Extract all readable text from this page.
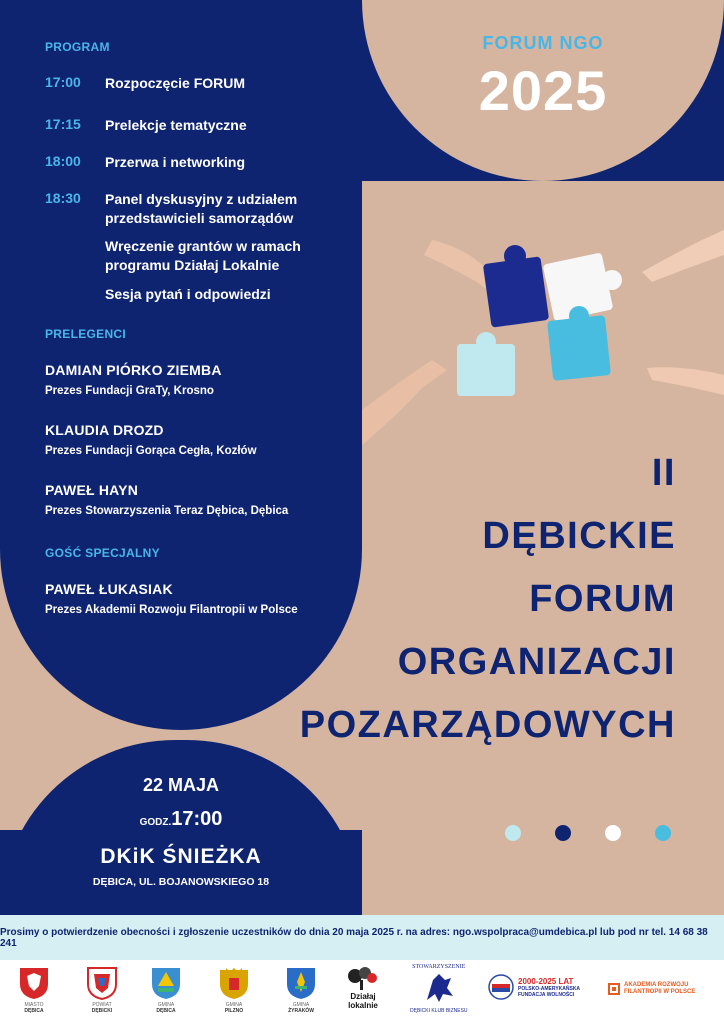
PROGRAM
17:00	Rozpoczęcie FORUM
17:15	Prelekcje tematyczne
18:00	Przerwa i networking
18:30	Panel dyskusyjny z udziałem
przedstawicieli samorządów
Wręczenie grantów w ramach
programu Działaj Lokalnie
Sesja pytań i odpowiedzi
PRELEGENCI
DAMIAN PIÓRKO ZIEMBA
Prezes Fundacji GraTy, Krosno
KLAUDIA DROZD
Prezes Fundacji Gorąca Cegła, Kozłów
PAWEŁ HAYN
Prezes Stowarzyszenia Teraz Dębica, Dębica
GOŚĆ SPECJALNY
PAWEŁ ŁUKASIAK
Prezes Akademii Rozwoju Filantropii w Polsce
FORUM NGO
2025
II
DĘBICKIE
FORUM
ORGANIZACJI
POZARZĄDOWYCH
22 MAJA
GODZ.17:00
DKiK ŚNIEŻKA
DĘBICA, UL. BOJANOWSKIEGO 18
Prosimy o potwierdzenie obecności i zgłoszenie uczestników do dnia 20 maja 2025 r. na adres: ngo.wspolpraca@umdebica.pl lub pod nr tel. 14 68 38 241
MIASTO
DĘBICA
POWIAT
DĘBICKI
GMINA
DĘBICA
GMINA
PILZNO
GMINA
ŻYRAKÓW
Działaj
lokalnie
STOWARZYSZENIE
DĘBICKI KLUB BIZNESU
2000-2025 LAT
POLSKO-AMERYKAŃSKA FUNDACJA WOLNOŚCI
AKADEMIA ROZWOJU
FILANTROPII W POLSCE
